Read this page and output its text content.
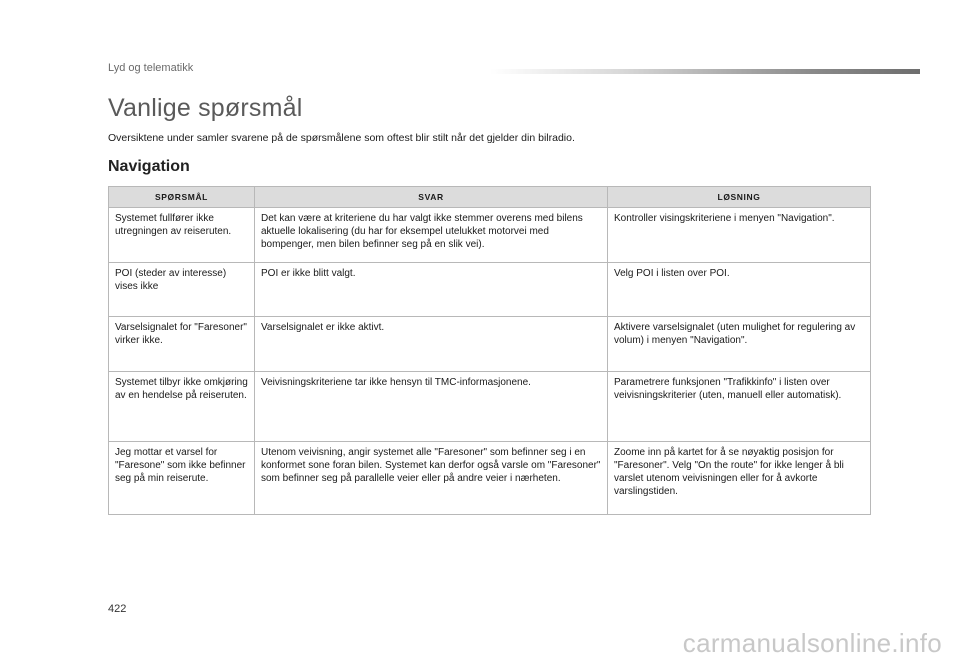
Lyd og telematikk
Vanlige spørsmål

Oversiktene under samler svarene på de spørsmålene som oftest blir stilt når det gjelder din bilradio.

Navigation
SPØRSMÅL	SVAR	LØSNING
Systemet fullfører ikke utregningen av reiseruten.	Det kan være at kriteriene du har valgt ikke stemmer overens med bilens aktuelle lokalisering (du har for eksempel utelukket motorvei med bompenger, men bilen befinner seg på en slik vei).	Kontroller visingskriteriene i menyen "Navigation".
POI (steder av interesse) vises ikke	POI er ikke blitt valgt.	Velg POI i listen over POI.
Varselsignalet for "Faresoner" virker ikke.	Varselsignalet er ikke aktivt.	Aktivere varselsignalet (uten mulighet for regulering av volum) i menyen "Navigation".
Systemet tilbyr ikke omkjøring av en hendelse på reiseruten.	Veivisningskriteriene tar ikke hensyn til TMC-informasjonene.	Parametrere funksjonen "Trafikkinfo" i listen over veivisningskriterier (uten, manuell eller automatisk).
Jeg mottar et varsel for "Faresone" som ikke befinner seg på min reiserute.	Utenom veivisning, angir systemet alle "Faresoner" som befinner seg i en konformet sone foran bilen. Systemet kan derfor også varsle om "Faresoner" som befinner seg på parallelle veier eller på andre veier i nærheten.	Zoome inn på kartet for å se nøyaktig posisjon for "Faresoner". Velg "On the route" for ikke lenger å bli varslet utenom veivisningen eller for å avkorte varslingstiden.
422
carmanualsonline.info
